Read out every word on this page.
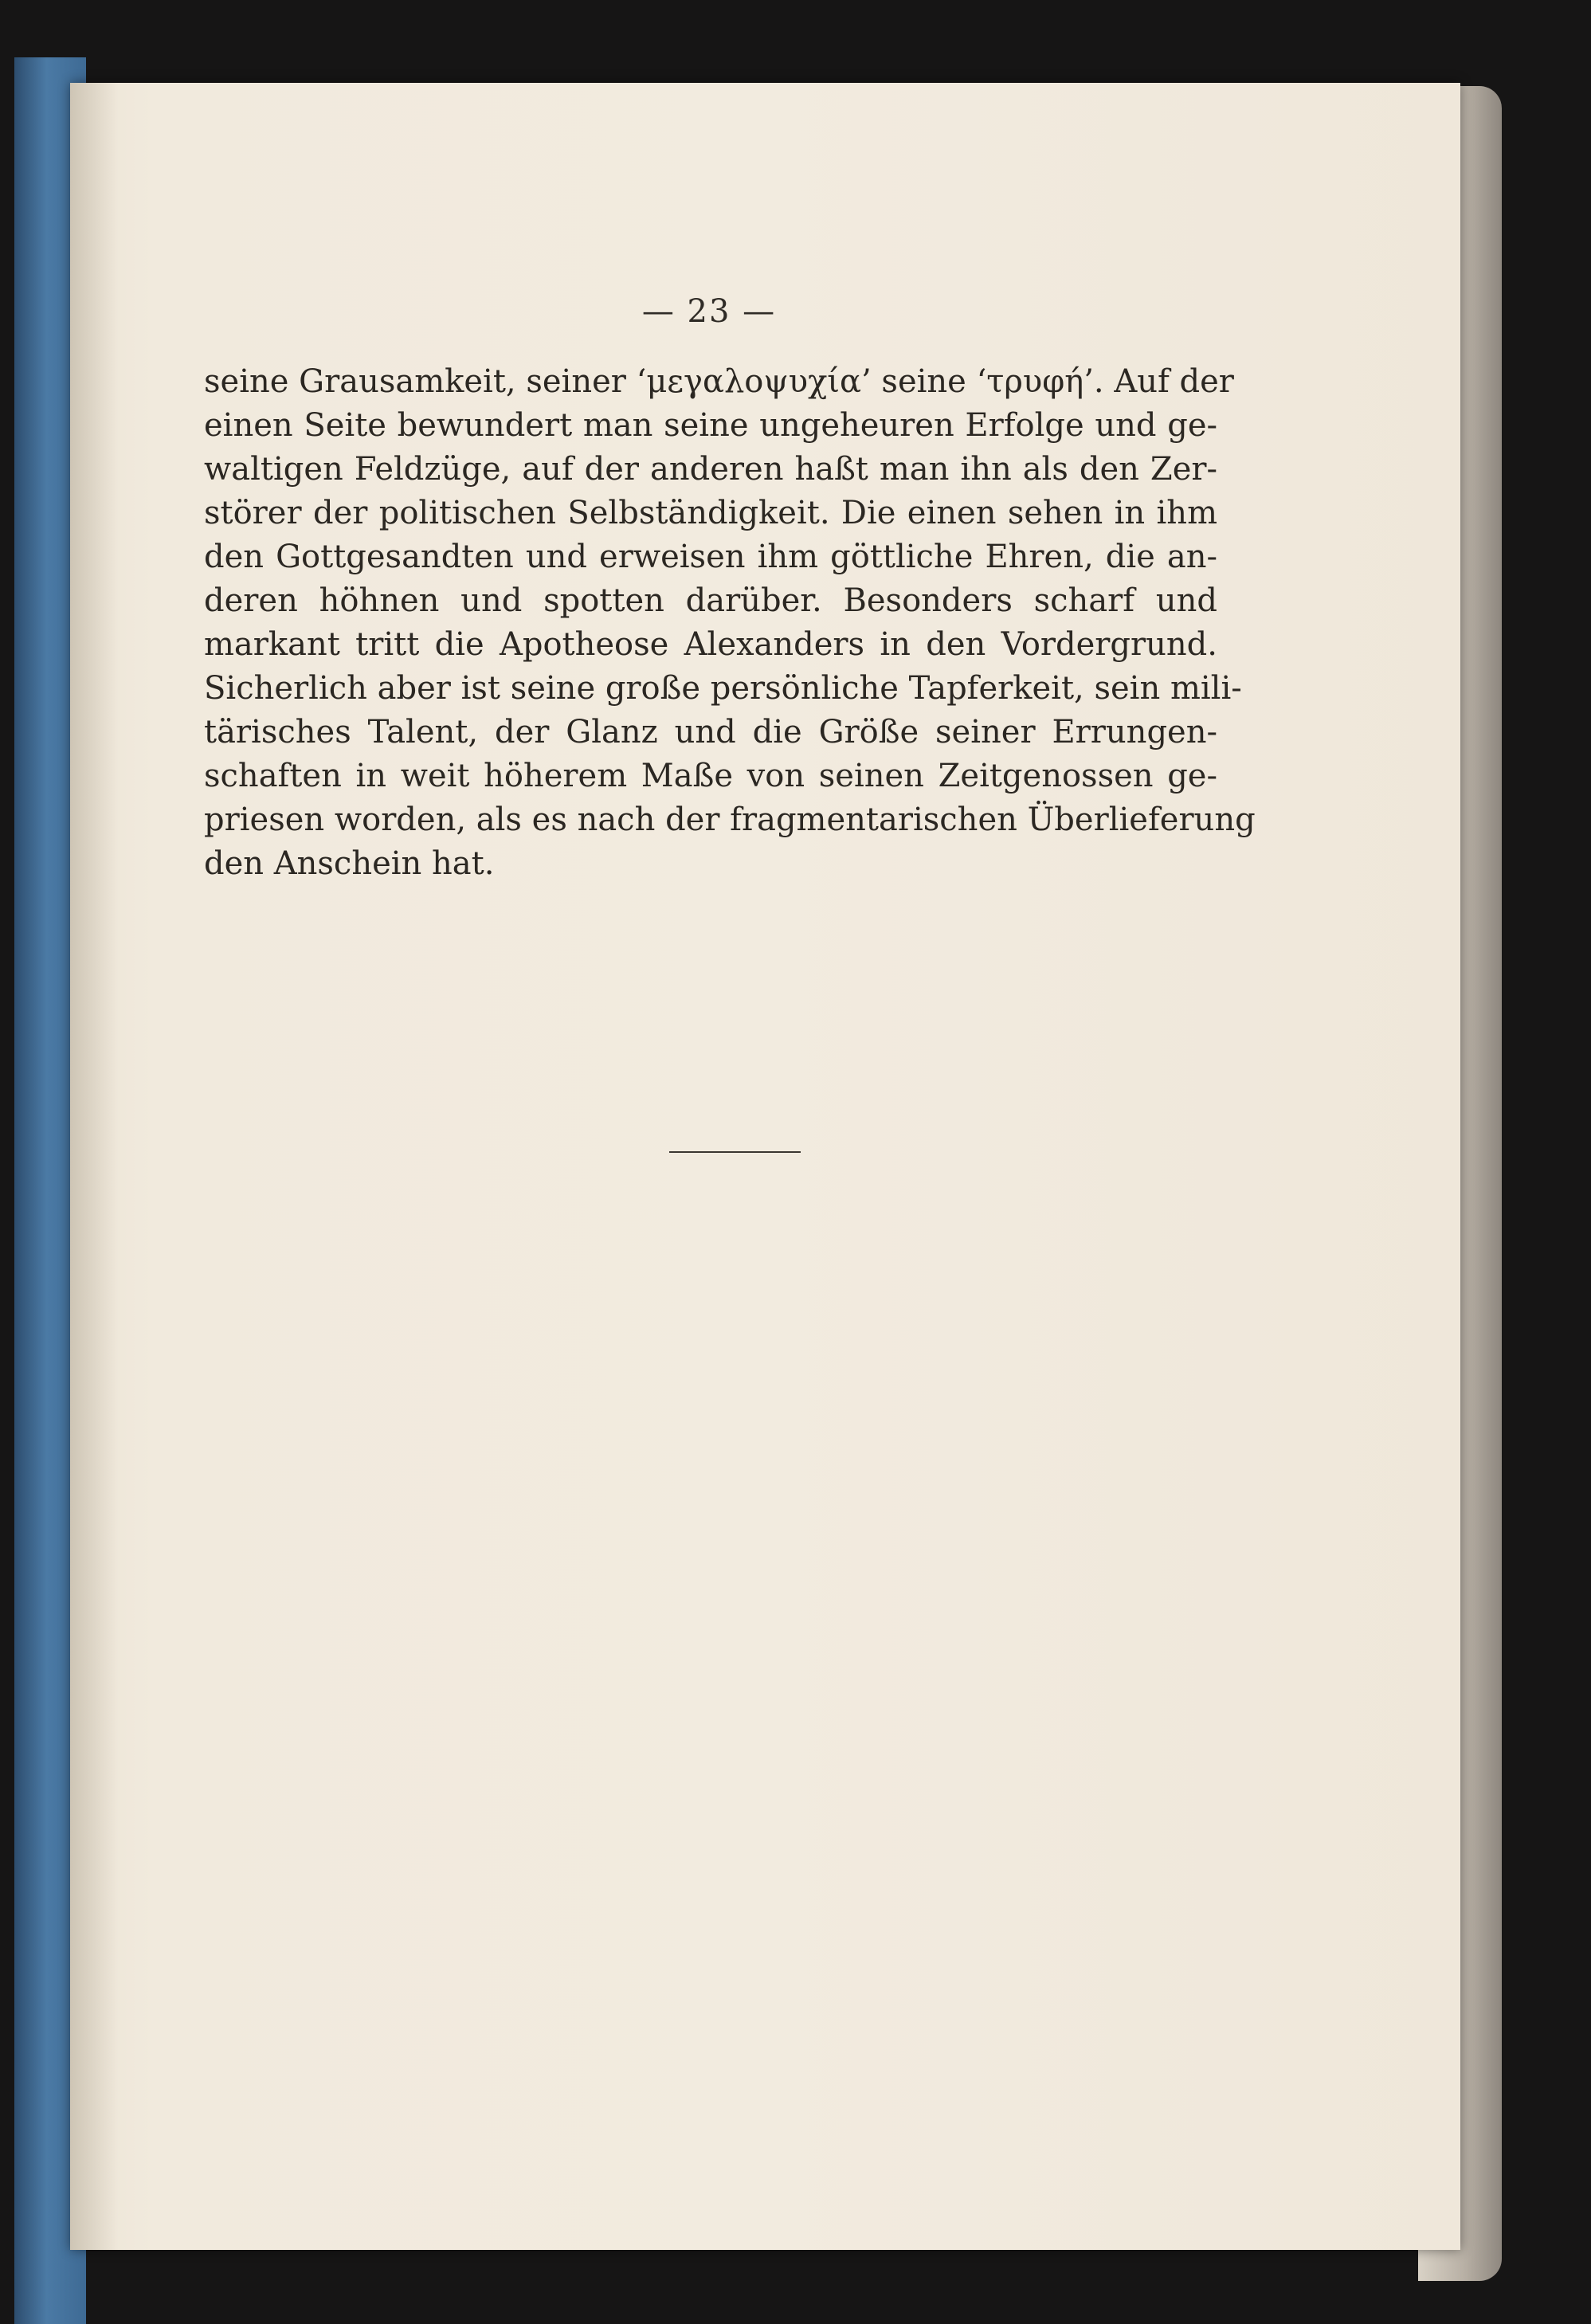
— 23 —

seine Grausamkeit, seiner ‘μεγαλοψυχία’ seine ‘τρυφή’. Auf der
einen Seite bewundert man seine ungeheuren Erfolge und ge-
waltigen Feldzüge, auf der anderen haßt man ihn als den Zer-
störer der politischen Selbständigkeit. Die einen sehen in ihm
den Gottgesandten und erweisen ihm göttliche Ehren, die an-
deren höhnen und spotten darüber. Besonders scharf und
markant tritt die Apotheose Alexanders in den Vordergrund.
Sicherlich aber ist seine große persönliche Tapferkeit, sein mili-
tärisches Talent, der Glanz und die Größe seiner Errungen-
schaften in weit höherem Maße von seinen Zeitgenossen ge-
priesen worden, als es nach der fragmentarischen Überlieferung
den Anschein hat.
